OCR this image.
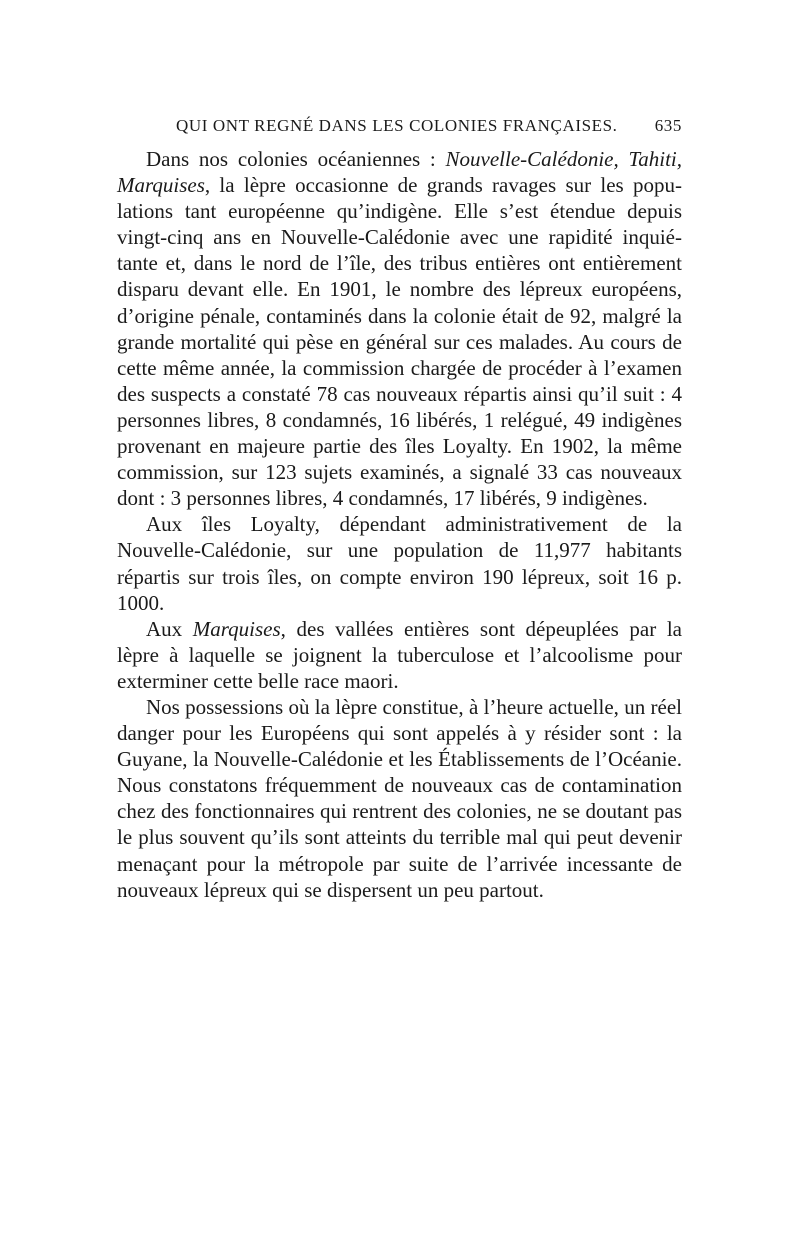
QUI ONT REGNÉ DANS LES COLONIES FRANÇAISES. 635

Dans nos colonies océaniennes : Nouvelle-Calédonie, Tahiti, Marquises, la lèpre occasionne de grands ravages sur les populations tant européenne qu’indigène. Elle s’est étendue depuis vingt-cinq ans en Nouvelle-Calédonie avec une rapidité inquiétante et, dans le nord de l’île, des tribus entières ont entièrement disparu devant elle. En 1901, le nombre des lépreux européens, d’origine pénale, contaminés dans la colonie était de 92, malgré la grande mortalité qui pèse en général sur ces malades. Au cours de cette même année, la commission chargée de procéder à l’examen des suspects a constaté 78 cas nouveaux répartis ainsi qu’il suit : 4 personnes libres, 8 condamnés, 16 libérés, 1 relégué, 49 indigènes provenant en majeure partie des îles Loyalty. En 1902, la même commission, sur 123 sujets examinés, a signalé 33 cas nouveaux dont : 3 personnes libres, 4 condamnés, 17 libérés, 9 indigènes.

Aux îles Loyalty, dépendant administrativement de la Nouvelle-Calédonie, sur une population de 11,977 habitants répartis sur trois îles, on compte environ 190 lépreux, soit 16 p. 1000.

Aux Marquises, des vallées entières sont dépeuplées par la lèpre à laquelle se joignent la tuberculose et l’alcoolisme pour exterminer cette belle race maori.

Nos possessions où la lèpre constitue, à l’heure actuelle, un réel danger pour les Européens qui sont appelés à y résider sont : la Guyane, la Nouvelle-Calédonie et les Établissements de l’Océanie. Nous constatons fréquemment de nouveaux cas de contamination chez des fonctionnaires qui rentrent des colonies, ne se doutant pas le plus souvent qu’ils sont atteints du terrible mal qui peut devenir menaçant pour la métropole par suite de l’arrivée incessante de nouveaux lépreux qui se dispersent un peu partout.
